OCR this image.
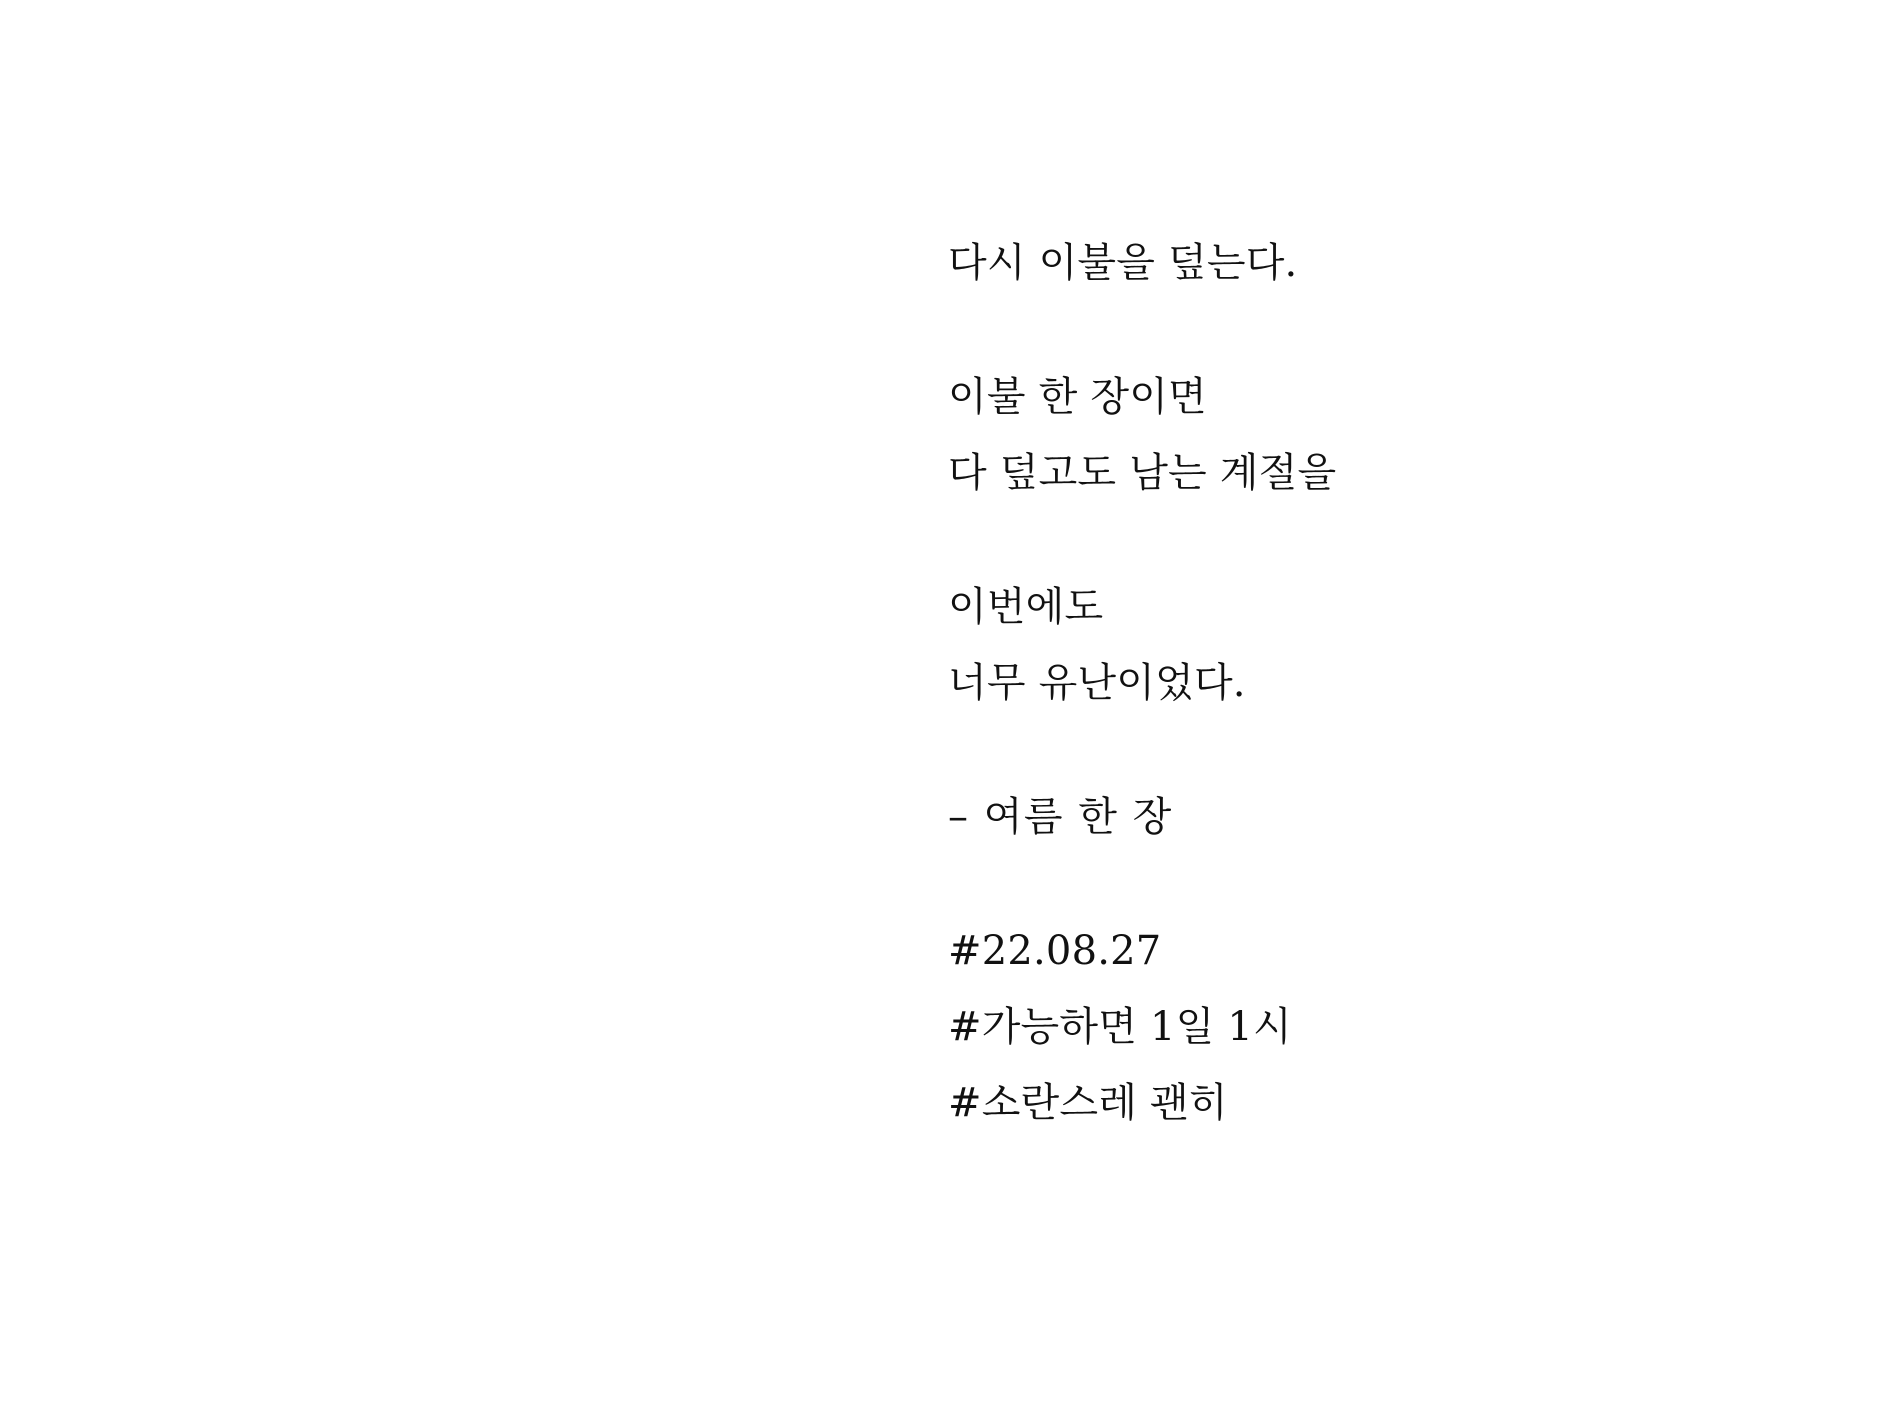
다시 이불을 덮는다.
이불 한 장이면
다 덮고도 남는 계절을
이번에도
너무 유난이었다.
– 여름 한 장
#22.08.27
#가능하면 1일 1시
#소란스레 괜히
